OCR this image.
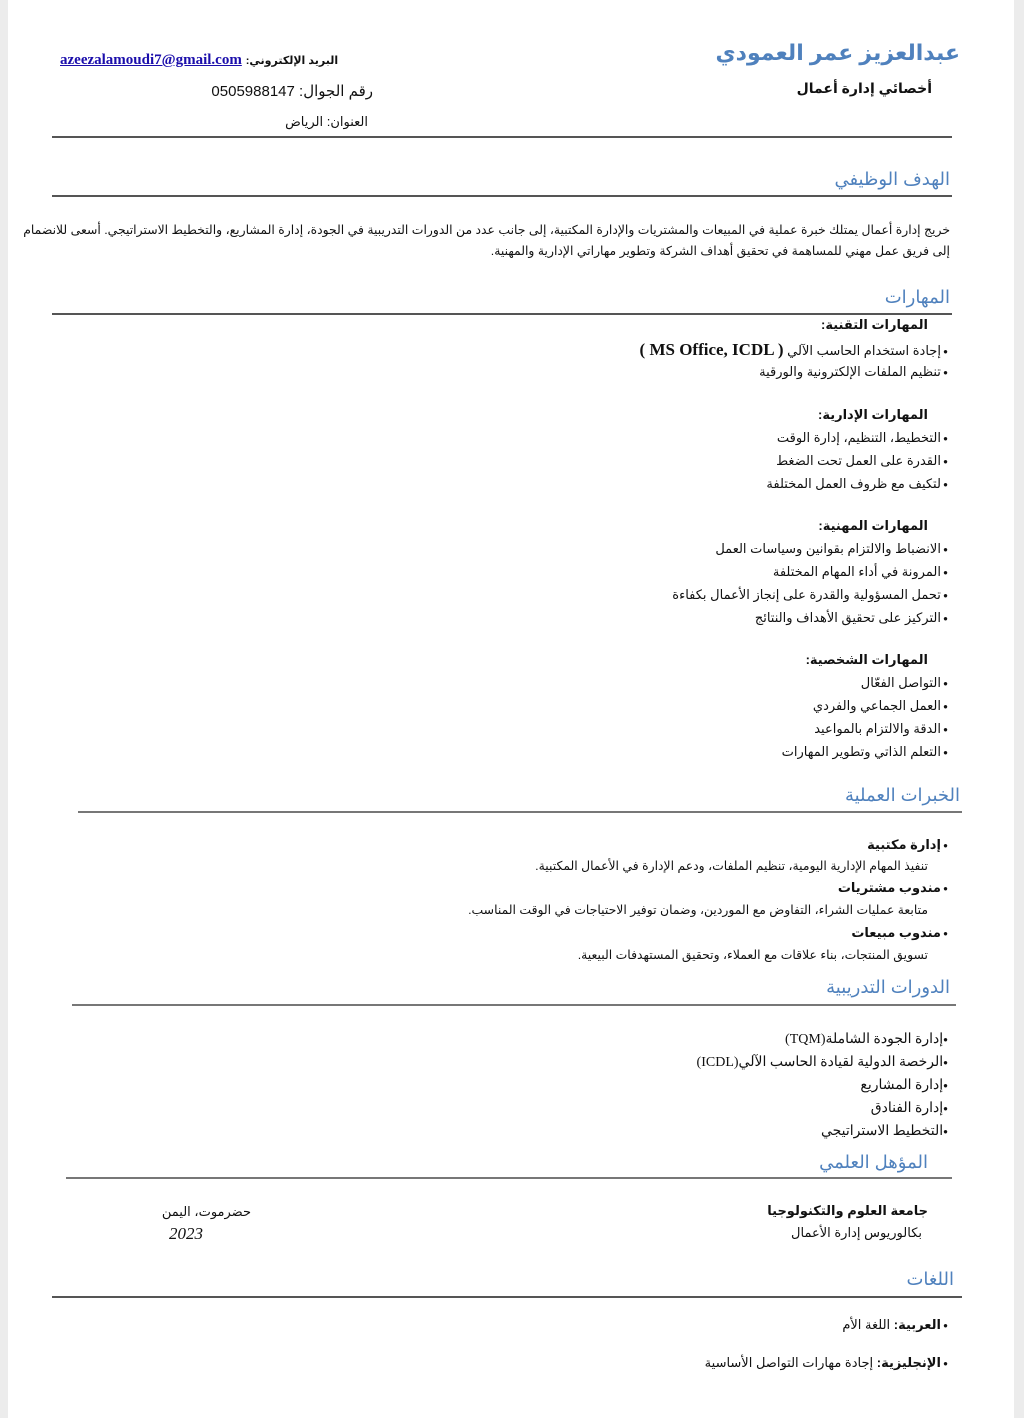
عبدالعزيز عمر العمودي
أخصائي إدارة أعمال
azeezalamoudi7@gmail.com البريد الإلكتروني:
رقم الجوال: 0505988147
العنوان: الرياض
الهدف الوظيفي
خريج إدارة أعمال يمتلك خبرة عملية في المبيعات والمشتريات والإدارة المكتبية، إلى جانب عدد من الدورات التدريبية في الجودة، إدارة المشاريع، والتخطيط الاستراتيجي. أسعى للانضمام
إلى فريق عمل مهني للمساهمة في تحقيق أهداف الشركة وتطوير مهاراتي الإدارية والمهنية.
المهارات
المهارات التقنية:
● إجادة استخدام الحاسب الآلي ( MS Office, ICDL )
● تنظيم الملفات الإلكترونية والورقية
المهارات الإدارية:
● التخطيط، التنظيم، إدارة الوقت
● القدرة على العمل تحت الضغط
● لتكيف مع ظروف العمل المختلفة
المهارات المهنية:
● الانضباط والالتزام بقوانين وسياسات العمل
● المرونة في أداء المهام المختلفة
● تحمل المسؤولية والقدرة على إنجاز الأعمال بكفاءة
● التركيز على تحقيق الأهداف والنتائج
المهارات الشخصية:
● التواصل الفعّال
● العمل الجماعي والفردي
● الدقة والالتزام بالمواعيد
● التعلم الذاتي وتطوير المهارات
الخبرات العملية
● إدارة مكتبية
تنفيذ المهام الإدارية اليومية، تنظيم الملفات، ودعم الإدارة في الأعمال المكتبية.
● مندوب مشتريات
متابعة عمليات الشراء، التفاوض مع الموردين، وضمان توفير الاحتياجات في الوقت المناسب.
● مندوب مبيعات
تسويق المنتجات، بناء علاقات مع العملاء، وتحقيق المستهدفات البيعية.
الدورات التدريبية
● إدارة الجودة الشاملة(TQM)
● الرخصة الدولية لقيادة الحاسب الآلي(ICDL)
● إدارة المشاريع
● إدارة الفنادق
● التخطيط الاستراتيجي
المؤهل العلمي
جامعة العلوم والتكنولوجيا
بكالوريوس إدارة الأعمال
حضرموت، اليمن
2023
اللغات
● العربية: اللغة الأم
● الإنجليزية: إجادة مهارات التواصل الأساسية
